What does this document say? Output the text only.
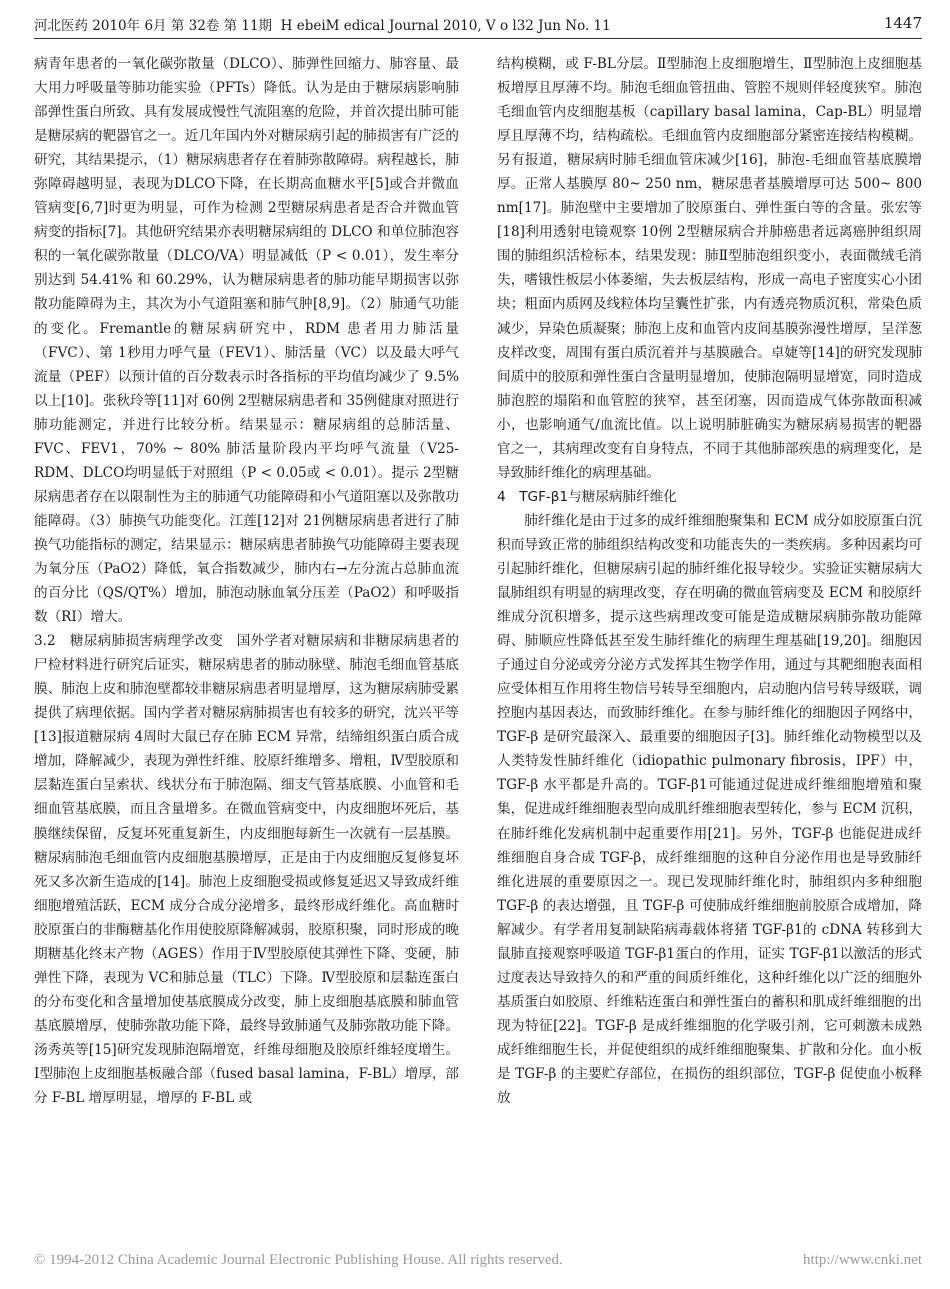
河北医药 2010年 6月 第 32卷 第 11期 H ebeiM edical Journal 2010, V o l32 Jun No. 11	1447

病青年患者的一氧化碳弥散量（DLCO）、肺弹性回缩力、肺容量、最大用力呼吸量等肺功能实验（PFTs）降低。认为是由于糖尿病影响肺部弹性蛋白所致、具有发展成慢性气流阻塞的危险，并首次提出肺可能是糖尿病的靶器官之一。近几年国内外对糖尿病引起的肺损害有广泛的研究，其结果提示，（1）糖尿病患者存在着肺弥散障碍。病程越长，肺弥障碍越明显，表现为DLCO下降，在长期高血糖水平[5]或合并微血管病变[6,7]时更为明显，可作为检测 2型糖尿病患者是否合并微血管病变的指标[7]。其他研究结果亦表明糖尿病组的 DLCO 和单位肺泡容积的一氧化碳弥散量（DLCO/VA）明显减低（P < 0.01），发生率分别达到 54.41% 和 60.29%，认为糖尿病患者的肺功能早期损害以弥散功能障碍为主，其次为小气道阻塞和肺气肿[8,9]。（2）肺通气功能的变化。Fremantle的糖尿病研究中，RDM 患者用力肺活量（FVC）、第 1秒用力呼气量（FEV1）、肺活量（VC）以及最大呼气流量（PEF）以预计值的百分数表示时各指标的平均值均减少了 9.5% 以上[10]。张秋玲等[11]对 60例 2型糖尿病患者和 35例健康对照进行肺功能测定，并进行比较分析。结果显示：糖尿病组的总肺活量、FVC、FEV1，70% ~ 80% 肺活量阶段内平均呼气流量（V25-RDM、DLCO均明显低于对照组（P < 0.05或 < 0.01）。提示 2型糖尿病患者存在以限制性为主的肺通气功能障碍和小气道阻塞以及弥散功能障碍。（3）肺换气功能变化。江莲[12]对 21例糖尿病患者进行了肺换气功能指标的测定，结果显示：糖尿病患者肺换气功能障碍主要表现为氧分压（PaO2）降低，氧合指数减少，肺内右→左分流占总肺血流的百分比（QS/QT%）增加，肺泡动脉血氧分压差（PaO2）和呼吸指数（RI）增大。

3.2　糖尿病肺损害病理学改变　国外学者对糖尿病和非糖尿病患者的尸检材料进行研究后证实，糖尿病患者的肺动脉壁、肺泡毛细血管基底膜、肺泡上皮和肺泡壁都较非糖尿病患者明显增厚，这为糖尿病肺受累提供了病理依据。国内学者对糖尿病肺损害也有较多的研究，沈兴平等[13]报道糖尿病 4周时大鼠已存在肺 ECM 异常，结缔组织蛋白质合成增加，降解减少，表现为弹性纤维、胶原纤维增多、增粗，Ⅳ型胶原和层黏连蛋白呈索状、线状分布于肺泡隔、细支气管基底膜、小血管和毛细血管基底膜，而且含量增多。在微血管病变中，内皮细胞坏死后，基膜继续保留，反复坏死重复新生，内皮细胞每新生一次就有一层基膜。糖尿病肺泡毛细血管内皮细胞基膜增厚，正是由于内皮细胞反复修复坏死又多次新生造成的[14]。肺泡上皮细胞受损或修复延迟又导致成纤维细胞增殖活跃，ECM 成分合成分泌增多，最终形成纤维化。高血糖时胶原蛋白的非酶糖基化作用使胶原降解减弱，胶原积聚，同时形成的晚期糖基化终末产物（AGES）作用于Ⅳ型胶原使其弹性下降、变硬，肺弹性下降，表现为 VC和肺总量（TLC）下降。Ⅳ型胶原和层黏连蛋白的分布变化和含量增加使基底膜成分改变，肺上皮细胞基底膜和肺血管基底膜增厚，使肺弥散功能下降，最终导致肺通气及肺弥散功能下降。汤秀英等[15]研究发现肺泡隔增宽，纤维母细胞及胶原纤维轻度增生。Ⅰ型肺泡上皮细胞基板融合部（fused basal lamina，F-BL）增厚，部分 F-BL 增厚明显，增厚的 F-BL 或

结构模糊，或 F-BL分层。Ⅱ型肺泡上皮细胞增生，Ⅱ型肺泡上皮细胞基板增厚且厚薄不均。肺泡毛细血管扭曲、管腔不规则伴轻度狭窄。肺泡毛细血管内皮细胞基板（capillary basal lamina，Cap-BL）明显增厚且厚薄不均，结构疏松。毛细血管内皮细胞部分紧密连接结构模糊。另有报道，糖尿病时肺毛细血管床减少[16]，肺泡-毛细血管基底膜增厚。正常人基膜厚 80~ 250 nm，糖尿患者基膜增厚可达 500~ 800 nm[17]。肺泡壁中主要增加了胶原蛋白、弹性蛋白等的含量。张宏等[18]利用透射电镜观察 10例 2型糖尿病合并肺癌患者远离癌肿组织周围的肺组织活检标本，结果发现：肺Ⅱ型肺泡组织变小，表面微绒毛消失，嗜锇性板层小体萎缩，失去板层结构，形成一高电子密度实心小团块；粗面内质网及线粒体均呈囊性扩张，内有透亮物质沉积，常染色质减少，异染色质凝聚；肺泡上皮和血管内皮间基膜弥漫性增厚，呈洋葱皮样改变，周围有蛋白质沉着并与基膜融合。卓婕等[14]的研究发现肺间质中的胶原和弹性蛋白含量明显增加，使肺泡隔明显增宽，同时造成肺泡腔的塌陷和血管腔的狭窄，甚至闭塞，因而造成气体弥散面积减小，也影响通气/血流比值。以上说明肺脏确实为糖尿病易损害的靶器官之一，其病理改变有自身特点，不同于其他肺部疾患的病理变化，是导致肺纤维化的病理基础。

4　TGF-β1与糖尿病肺纤维化

肺纤维化是由于过多的成纤维细胞聚集和 ECM 成分如胶原蛋白沉积而导致正常的肺组织结构改变和功能丧失的一类疾病。多种因素均可引起肺纤维化，但糖尿病引起的肺纤维化报导较少。实验证实糖尿病大鼠肺组织有明显的病理改变，存在明确的微血管病变及 ECM 和胶原纤维成分沉积增多，提示这些病理改变可能是造成糖尿病肺弥散功能障碍、肺顺应性降低甚至发生肺纤维化的病理生理基础[19,20]。细胞因子通过自分泌或旁分泌方式发挥其生物学作用，通过与其靶细胞表面相应受体相互作用将生物信号转导至细胞内，启动胞内信号转导级联，调控胞内基因表达，而致肺纤维化。在参与肺纤维化的细胞因子网络中，TGF-β 是研究最深入、最重要的细胞因子[3]。肺纤维化动物模型以及人类特发性肺纤维化（idiopathic pulmonary fibrosis，IPF）中，TGF-β 水平都是升高的。TGF-β1可能通过促进成纤维细胞增殖和聚集，促进成纤维细胞表型向成肌纤维细胞表型转化，参与 ECM 沉积，在肺纤维化发病机制中起重要作用[21]。另外，TGF-β 也能促进成纤维细胞自身合成 TGF-β，成纤维细胞的这种自分泌作用也是导致肺纤维化进展的重要原因之一。现已发现肺纤维化时，肺组织内多种细胞 TGF-β 的表达增强，且 TGF-β 可使肺成纤维细胞前胶原合成增加，降解减少。有学者用复制缺陷病毒载体将猪 TGF-β1的 cDNA 转移到大鼠肺直接观察呼吸道 TGF-β1蛋白的作用，证实 TGF-β1以激活的形式过度表达导致持久的和严重的间质纤维化，这种纤维化以广泛的细胞外基质蛋白如胶原、纤维粘连蛋白和弹性蛋白的蓄积和肌成纤维细胞的出现为特征[22]。TGF-β 是成纤维细胞的化学吸引剂，它可刺激未成熟成纤维细胞生长，并促使组织的成纤维细胞聚集、扩散和分化。血小板是 TGF-β 的主要贮存部位，在损伤的组织部位，TGF-β 促使血小板释放

© 1994-2012 China Academic Journal Electronic Publishing House. All rights reserved.	http://www.cnki.net
